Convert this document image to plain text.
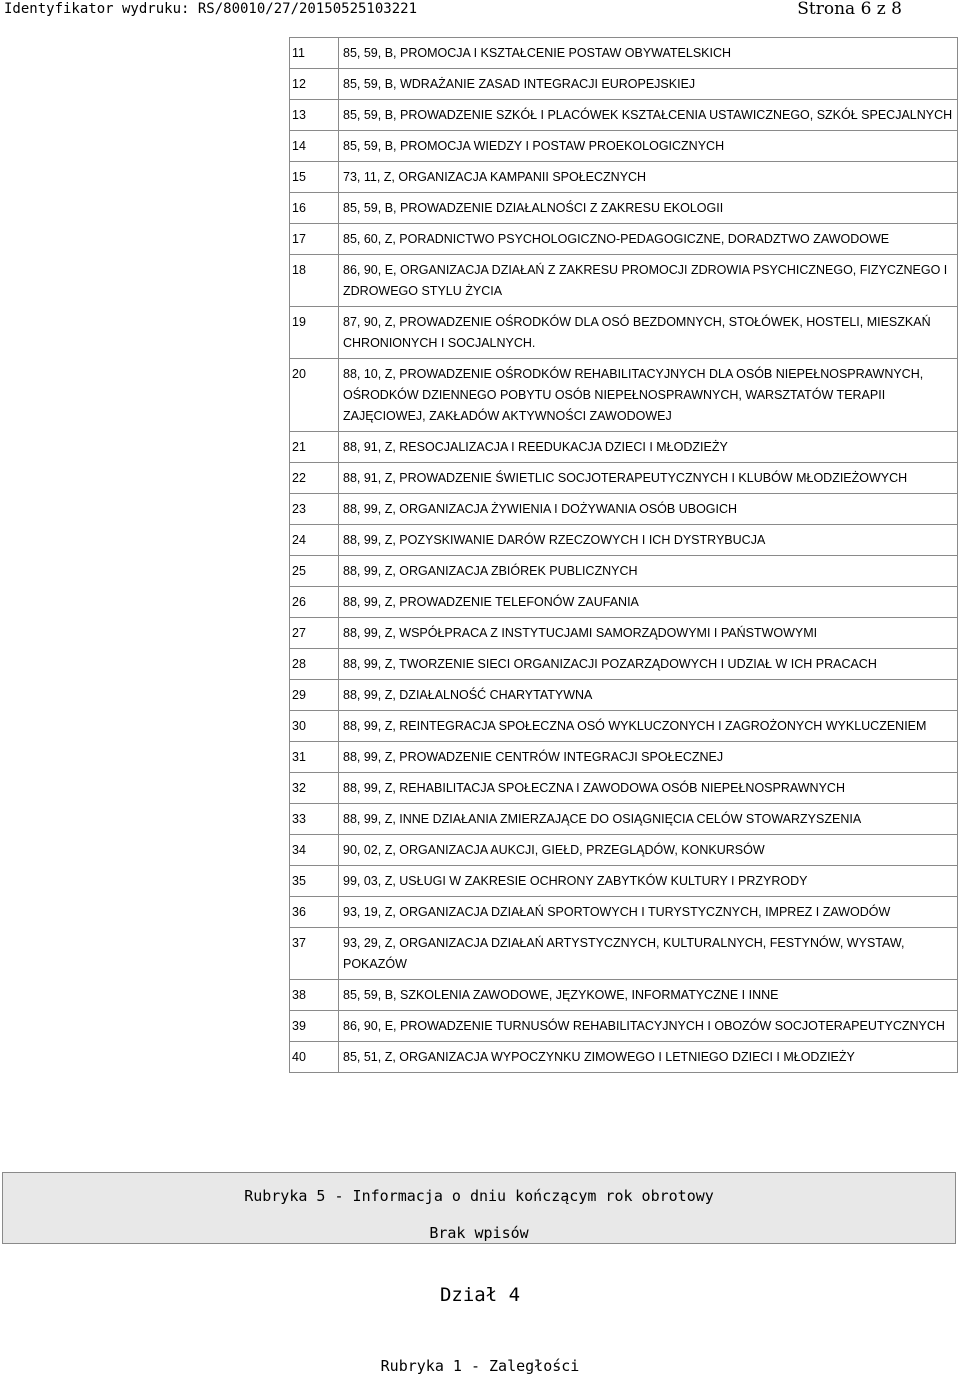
Identyfikator wydruku: RS/80010/27/20150525103221	Strona 6 z 8
11	85, 59, B, PROMOCJA I KSZTAŁCENIE POSTAW OBYWATELSKICH
12	85, 59, B, WDRAŻANIE ZASAD INTEGRACJI EUROPEJSKIEJ
13	85, 59, B, PROWADZENIE SZKÓŁ I PLACÓWEK KSZTAŁCENIA USTAWICZNEGO, SZKÓŁ SPECJALNYCH
14	85, 59, B, PROMOCJA WIEDZY I POSTAW PROEKOLOGICZNYCH
15	73, 11, Z, ORGANIZACJA KAMPANII SPOŁECZNYCH
16	85, 59, B, PROWADZENIE DZIAŁALNOŚCI Z ZAKRESU EKOLOGII
17	85, 60, Z, PORADNICTWO PSYCHOLOGICZNO-PEDAGOGICZNE, DORADZTWO ZAWODOWE
18	86, 90, E, ORGANIZACJA DZIAŁAŃ Z ZAKRESU PROMOCJI ZDROWIA PSYCHICZNEGO, FIZYCZNEGO I ZDROWEGO STYLU ŻYCIA
19	87, 90, Z, PROWADZENIE OŚRODKÓW DLA OSÓ BEZDOMNYCH, STOŁÓWEK, HOSTELI, MIESZKAŃ CHRONIONYCH I SOCJALNYCH.
20	88, 10, Z, PROWADZENIE OŚRODKÓW REHABILITACYJNYCH DLA OSÓB NIEPEŁNOSPRAWNYCH, OŚRODKÓW DZIENNEGO POBYTU OSÓB NIEPEŁNOSPRAWNYCH, WARSZTATÓW TERAPII ZAJĘCIOWEJ, ZAKŁADÓW AKTYWNOŚCI ZAWODOWEJ
21	88, 91, Z, RESOCJALIZACJA I REEDUKACJA DZIECI I MŁODZIEŻY
22	88, 91, Z, PROWADZENIE ŚWIETLIC SOCJOTERAPEUTYCZNYCH I KLUBÓW MŁODZIEŻOWYCH
23	88, 99, Z, ORGANIZACJA ŻYWIENIA I DOŻYWANIA OSÓB UBOGICH
24	88, 99, Z, POZYSKIWANIE DARÓW RZECZOWYCH I ICH DYSTRYBUCJA
25	88, 99, Z, ORGANIZACJA ZBIÓREK PUBLICZNYCH
26	88, 99, Z, PROWADZENIE TELEFONÓW ZAUFANIA
27	88, 99, Z, WSPÓŁPRACA Z INSTYTUCJAMI SAMORZĄDOWYMI I PAŃSTWOWYMI
28	88, 99, Z, TWORZENIE SIECI ORGANIZACJI POZARZĄDOWYCH I UDZIAŁ W ICH PRACACH
29	88, 99, Z, DZIAŁALNOŚĆ CHARYTATYWNA
30	88, 99, Z, REINTEGRACJA SPOŁECZNA OSÓ WYKLUCZONYCH I ZAGROŻONYCH WYKLUCZENIEM
31	88, 99, Z, PROWADZENIE CENTRÓW INTEGRACJI SPOŁECZNEJ
32	88, 99, Z, REHABILITACJA SPOŁECZNA I ZAWODOWA OSÓB NIEPEŁNOSPRAWNYCH
33	88, 99, Z, INNE DZIAŁANIA ZMIERZAJĄCE DO OSIĄGNIĘCIA CELÓW STOWARZYSZENIA
34	90, 02, Z, ORGANIZACJA AUKCJI, GIEŁD, PRZEGLĄDÓW, KONKURSÓW
35	99, 03, Z, USŁUGI W ZAKRESIE OCHRONY ZABYTKÓW KULTURY I PRZYRODY
36	93, 19, Z, ORGANIZACJA DZIAŁAŃ SPORTOWYCH I TURYSTYCZNYCH, IMPREZ I ZAWODÓW
37	93, 29, Z, ORGANIZACJA DZIAŁAŃ ARTYSTYCZNYCH, KULTURALNYCH, FESTYNÓW, WYSTAW, POKAZÓW
38	85, 59, B, SZKOLENIA ZAWODOWE, JĘZYKOWE, INFORMATYCZNE I INNE
39	86, 90, E, PROWADZENIE TURNUSÓW REHABILITACYJNYCH I OBOZÓW SOCJOTERAPEUTYCZNYCH
40	85, 51, Z, ORGANIZACJA WYPOCZYNKU ZIMOWEGO I LETNIEGO DZIECI I MŁODZIEŻY
Rubryka 5 - Informacja o dniu kończącym rok obrotowy
Brak wpisów
Dział 4
Rubryka 1 - Zaległości
